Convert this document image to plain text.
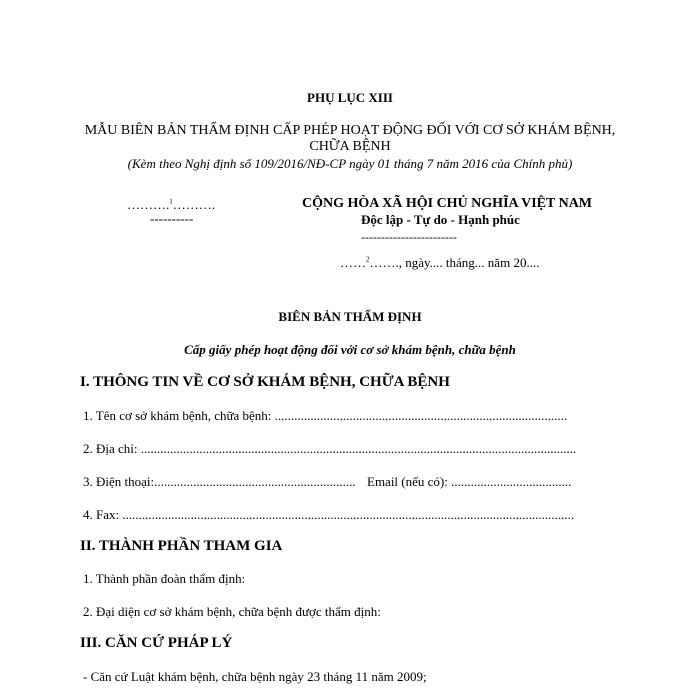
PHỤ LỤC XIII
MẪU BIÊN BẢN THẨM ĐỊNH CẤP PHÉP HOẠT ĐỘNG ĐỐI VỚI CƠ SỞ KHÁM BỆNH,
CHỮA BỆNH
(Kèm theo Nghị định số 109/2016/NĐ-CP ngày 01 tháng 7 năm 2016 của Chính phủ)
……….$^1$……….
----------
CỘNG HÒA XÃ HỘI CHỦ NGHĨA VIỆT NAM
Độc lập - Tự do - Hạnh phúc
------------------------
……$^2$……., ngày.... tháng... năm 20....
BIÊN BẢN THẨM ĐỊNH
Cấp giấy phép hoạt động đối với cơ sở khám bệnh, chữa bệnh
I. THÔNG TIN VỀ CƠ SỞ KHÁM BỆNH, CHỮA BỆNH
1. Tên cơ sở khám bệnh, chữa bệnh: ..........................................................................................
2. Địa chỉ: ......................................................................................................................................
3. Điện thoại:.............................................................. Email (nếu có): .....................................
4. Fax: ...........................................................................................................................................
II. THÀNH PHẦN THAM GIA
1. Thành phần đoàn thẩm định:
2. Đại diện cơ sở khám bệnh, chữa bệnh được thẩm định:
III. CĂN CỨ PHÁP LÝ
- Căn cứ Luật khám bệnh, chữa bệnh ngày 23 tháng 11 năm 2009;
